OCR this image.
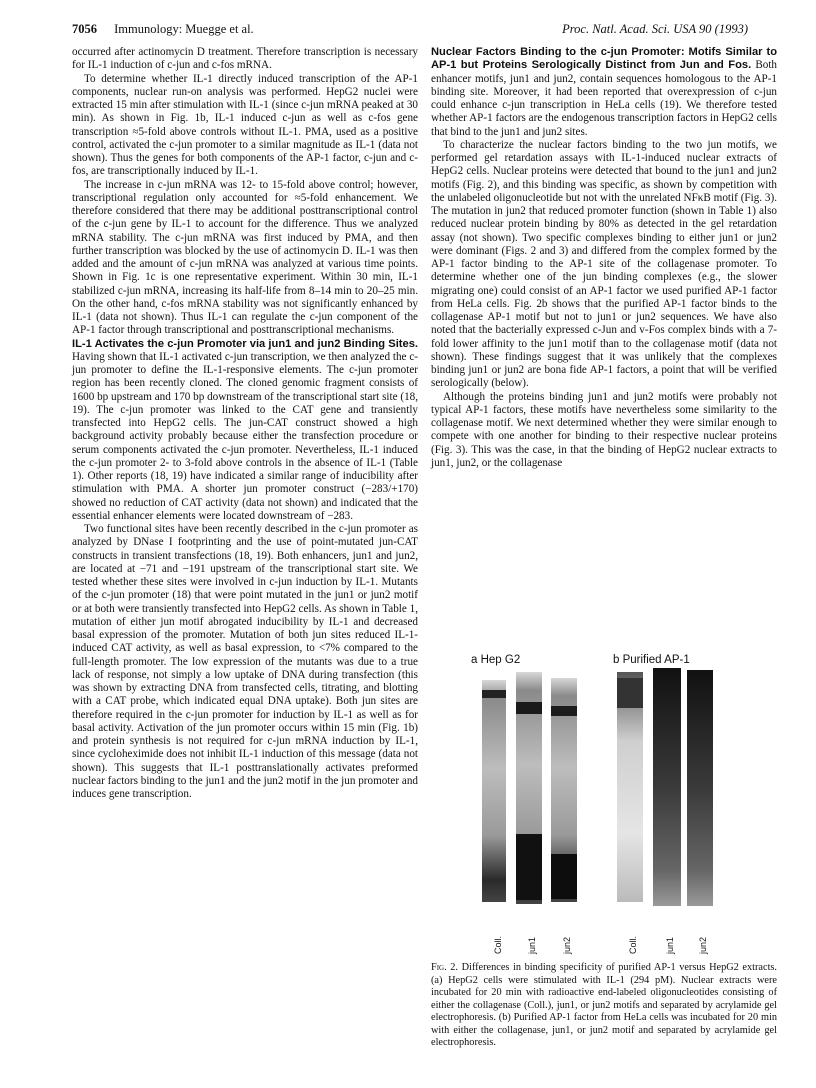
7056 Immunology: Muegge et al.	Proc. Natl. Acad. Sci. USA 90 (1993)

occurred after actinomycin D treatment. Therefore transcription is necessary for IL-1 induction of c-jun and c-fos mRNA.

To determine whether IL-1 directly induced transcription of the AP-1 components, nuclear run-on analysis was performed. HepG2 nuclei were extracted 15 min after stimulation with IL-1 (since c-jun mRNA peaked at 30 min). As shown in Fig. 1b, IL-1 induced c-jun as well as c-fos gene transcription ≈5-fold above controls without IL-1. PMA, used as a positive control, activated the c-jun promoter to a similar magnitude as IL-1 (data not shown). Thus the genes for both components of the AP-1 factor, c-jun and c-fos, are transcriptionally induced by IL-1.

The increase in c-jun mRNA was 12- to 15-fold above control; however, transcriptional regulation only accounted for ≈5-fold enhancement. We therefore considered that there may be additional posttranscriptional control of the c-jun gene by IL-1 to account for the difference. Thus we analyzed mRNA stability. The c-jun mRNA was first induced by PMA, and then further transcription was blocked by the use of actinomycin D. IL-1 was then added and the amount of c-jun mRNA was analyzed at various time points. Shown in Fig. 1c is one representative experiment. Within 30 min, IL-1 stabilized c-jun mRNA, increasing its half-life from 8–14 min to 20–25 min. On the other hand, c-fos mRNA stability was not significantly enhanced by IL-1 (data not shown). Thus IL-1 can regulate the c-jun component of the AP-1 factor through transcriptional and posttranscriptional mechanisms.

IL-1 Activates the c-jun Promoter via jun1 and jun2 Binding Sites. Having shown that IL-1 activated c-jun transcription, we then analyzed the c-jun promoter to define the IL-1-responsive elements. The c-jun promoter region has been recently cloned. The cloned genomic fragment consists of 1600 bp upstream and 170 bp downstream of the transcriptional start site (18, 19). The c-jun promoter was linked to the CAT gene and transiently transfected into HepG2 cells. The jun-CAT construct showed a high background activity probably because either the transfection procedure or serum components activated the c-jun promoter. Nevertheless, IL-1 induced the c-jun promoter 2- to 3-fold above controls in the absence of IL-1 (Table 1). Other reports (18, 19) have indicated a similar range of inducibility after stimulation with PMA. A shorter jun promoter construct (−283/+170) showed no reduction of CAT activity (data not shown) and indicated that the essential enhancer elements were located downstream of −283.

Two functional sites have been recently described in the c-jun promoter as analyzed by DNase I footprinting and the use of point-mutated jun-CAT constructs in transient transfections (18, 19). Both enhancers, jun1 and jun2, are located at −71 and −191 upstream of the transcriptional start site. We tested whether these sites were involved in c-jun induction by IL-1. Mutants of the c-jun promoter (18) that were point mutated in the jun1 or jun2 motif or at both were transiently transfected into HepG2 cells. As shown in Table 1, mutation of either jun motif abrogated inducibility by IL-1 and decreased basal expression of the promoter. Mutation of both jun sites reduced IL-1-induced CAT activity, as well as basal expression, to <7% compared to the full-length promoter. The low expression of the mutants was due to a true lack of response, not simply a low uptake of DNA during transfection (this was shown by extracting DNA from transfected cells, titrating, and blotting with a CAT probe, which indicated equal DNA uptake). Both jun sites are therefore required in the c-jun promoter for induction by IL-1 as well as for basal activity. Activation of the jun promoter occurs within 15 min (Fig. 1b) and protein synthesis is not required for c-jun mRNA induction by IL-1, since cycloheximide does not inhibit IL-1 induction of this message (data not shown). This suggests that IL-1 posttranslationally activates preformed nuclear factors binding to the jun1 and the jun2 motif in the jun promoter and induces gene transcription.

Nuclear Factors Binding to the c-jun Promoter: Motifs Similar to AP-1 but Proteins Serologically Distinct from Jun and Fos. Both enhancer motifs, jun1 and jun2, contain sequences homologous to the AP-1 binding site. Moreover, it had been reported that overexpression of c-jun could enhance c-jun transcription in HeLa cells (19). We therefore tested whether AP-1 factors are the endogenous transcription factors in HepG2 cells that bind to the jun1 and jun2 sites.

To characterize the nuclear factors binding to the two jun motifs, we performed gel retardation assays with IL-1-induced nuclear extracts of HepG2 cells. Nuclear proteins were detected that bound to the jun1 and jun2 motifs (Fig. 2), and this binding was specific, as shown by competition with the unlabeled oligonucleotide but not with the unrelated NFκB motif (Fig. 3). The mutation in jun2 that reduced promoter function (shown in Table 1) also reduced nuclear protein binding by 80% as detected in the gel retardation assay (not shown). Two specific complexes binding to either jun1 or jun2 were dominant (Figs. 2 and 3) and differed from the complex formed by the AP-1 factor binding to the AP-1 site of the collagenase promoter. To determine whether one of the jun binding complexes (e.g., the slower migrating one) could consist of an AP-1 factor we used purified AP-1 factor from HeLa cells. Fig. 2b shows that the purified AP-1 factor binds to the collagenase AP-1 motif but not to jun1 or jun2 sequences. We have also noted that the bacterially expressed c-Jun and v-Fos complex binds with a 7-fold lower affinity to the jun1 motif than to the collagenase motif (data not shown). These findings suggest that it was unlikely that the complexes binding jun1 or jun2 are bona fide AP-1 factors, a point that will be verified serologically (below).

Although the proteins binding jun1 and jun2 motifs were probably not typical AP-1 factors, these motifs have nevertheless some similarity to the collagenase motif. We next determined whether they were similar enough to compete with one another for binding to their respective nuclear proteins (Fig. 3). This was the case, in that the binding of HepG2 nuclear extracts to jun1, jun2, or the collagenase

a Hep G2	b Purified AP-1
Coll.	jun1	jun2	Coll.	jun1	jun2
Fig. 2. Differences in binding specificity of purified AP-1 versus HepG2 extracts. (a) HepG2 cells were stimulated with IL-1 (294 pM). Nuclear extracts were incubated for 20 min with radioactive end-labeled oligonucleotides consisting of either the collagenase (Coll.), jun1, or jun2 motifs and separated by acrylamide gel electrophoresis. (b) Purified AP-1 factor from HeLa cells was incubated for 20 min with either the collagenase, jun1, or jun2 motif and separated by acrylamide gel electrophoresis.
